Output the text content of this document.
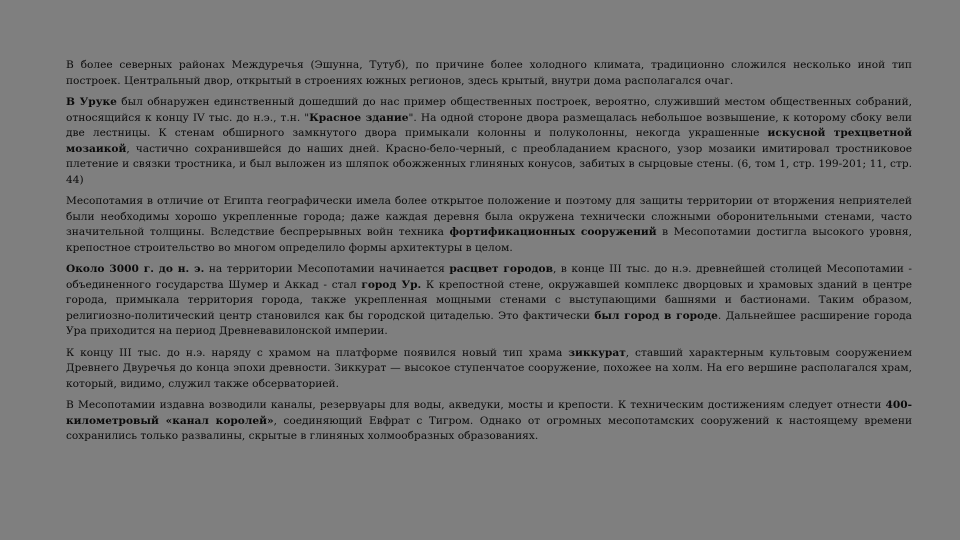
В более северных районах Междуречья (Эшунна, Тутуб), по причине более холодного климата, традиционно сложился несколько иной тип построек. Центральный двор, открытый в строениях южных регионов, здесь крытый, внутри дома располагался очаг.

В Уруке был обнаружен единственный дошедший до нас пример общественных построек, вероятно, служивший местом общественных собраний, относящийся к концу IV тыс. до н.э., т.н. "Красное здание". На одной стороне двора размещалась небольшое возвышение, к которому сбоку вели две лестницы. К стенам обширного замкнутого двора примыкали колонны и полуколонны, некогда украшенные искусной трехцветной мозаикой, частично сохранившейся до наших дней. Красно-бело-черный, с преобладанием красного, узор мозаики имитировал тростниковое плетение и связки тростника, и был выложен из шляпок обожженных глиняных конусов, забитых в сырцовые стены. (6, том 1, стр. 199-201; 11, стр. 44)

Месопотамия в отличие от Египта географически имела более открытое положение и поэтому для защиты территории от вторжения неприятелей были необходимы хорошо укрепленные города; даже каждая деревня была окружена технически сложными оборонительными стенами, часто значительной толщины. Вследствие беспрерывных войн техника фортификационных сооружений в Месопотамии достигла высокого уровня, крепостное строительство во многом определило формы архитектуры в целом.

Около 3000 г. до н. э. на территории Месопотамии начинается расцвет городов, в конце III тыс. до н.э. древнейшей столицей Месопотамии - объединенного государства Шумер и Аккад - стал город Ур. К крепостной стене, окружавшей комплекс дворцовых и храмовых зданий в центре города, примыкала территория города, также укрепленная мощными стенами с выступающими башнями и бастионами. Таким образом, религиозно-политический центр становился как бы городской цитаделью. Это фактически был город в городе. Дальнейшее расширение города Ура приходится на период Древневавилонской империи.

К концу III тыс. до н.э. наряду с храмом на платформе появился новый тип храма зиккурат, ставший характерным культовым сооружением Древнего Двуречья до конца эпохи древности. Зиккурат — высокое ступенчатое сооружение, похожее на холм. На его вершине располагался храм, который, видимо, служил также обсерваторией.

В Месопотамии издавна возводили каналы, резервуары для воды, акведуки, мосты и крепости. К техническим достижениям следует отнести 400-километровый «канал королей», соединяющий Евфрат с Тигром. Однако от огромных месопотамских сооружений к настоящему времени сохранились только развалины, скрытые в глиняных холмообразных образованиях.
